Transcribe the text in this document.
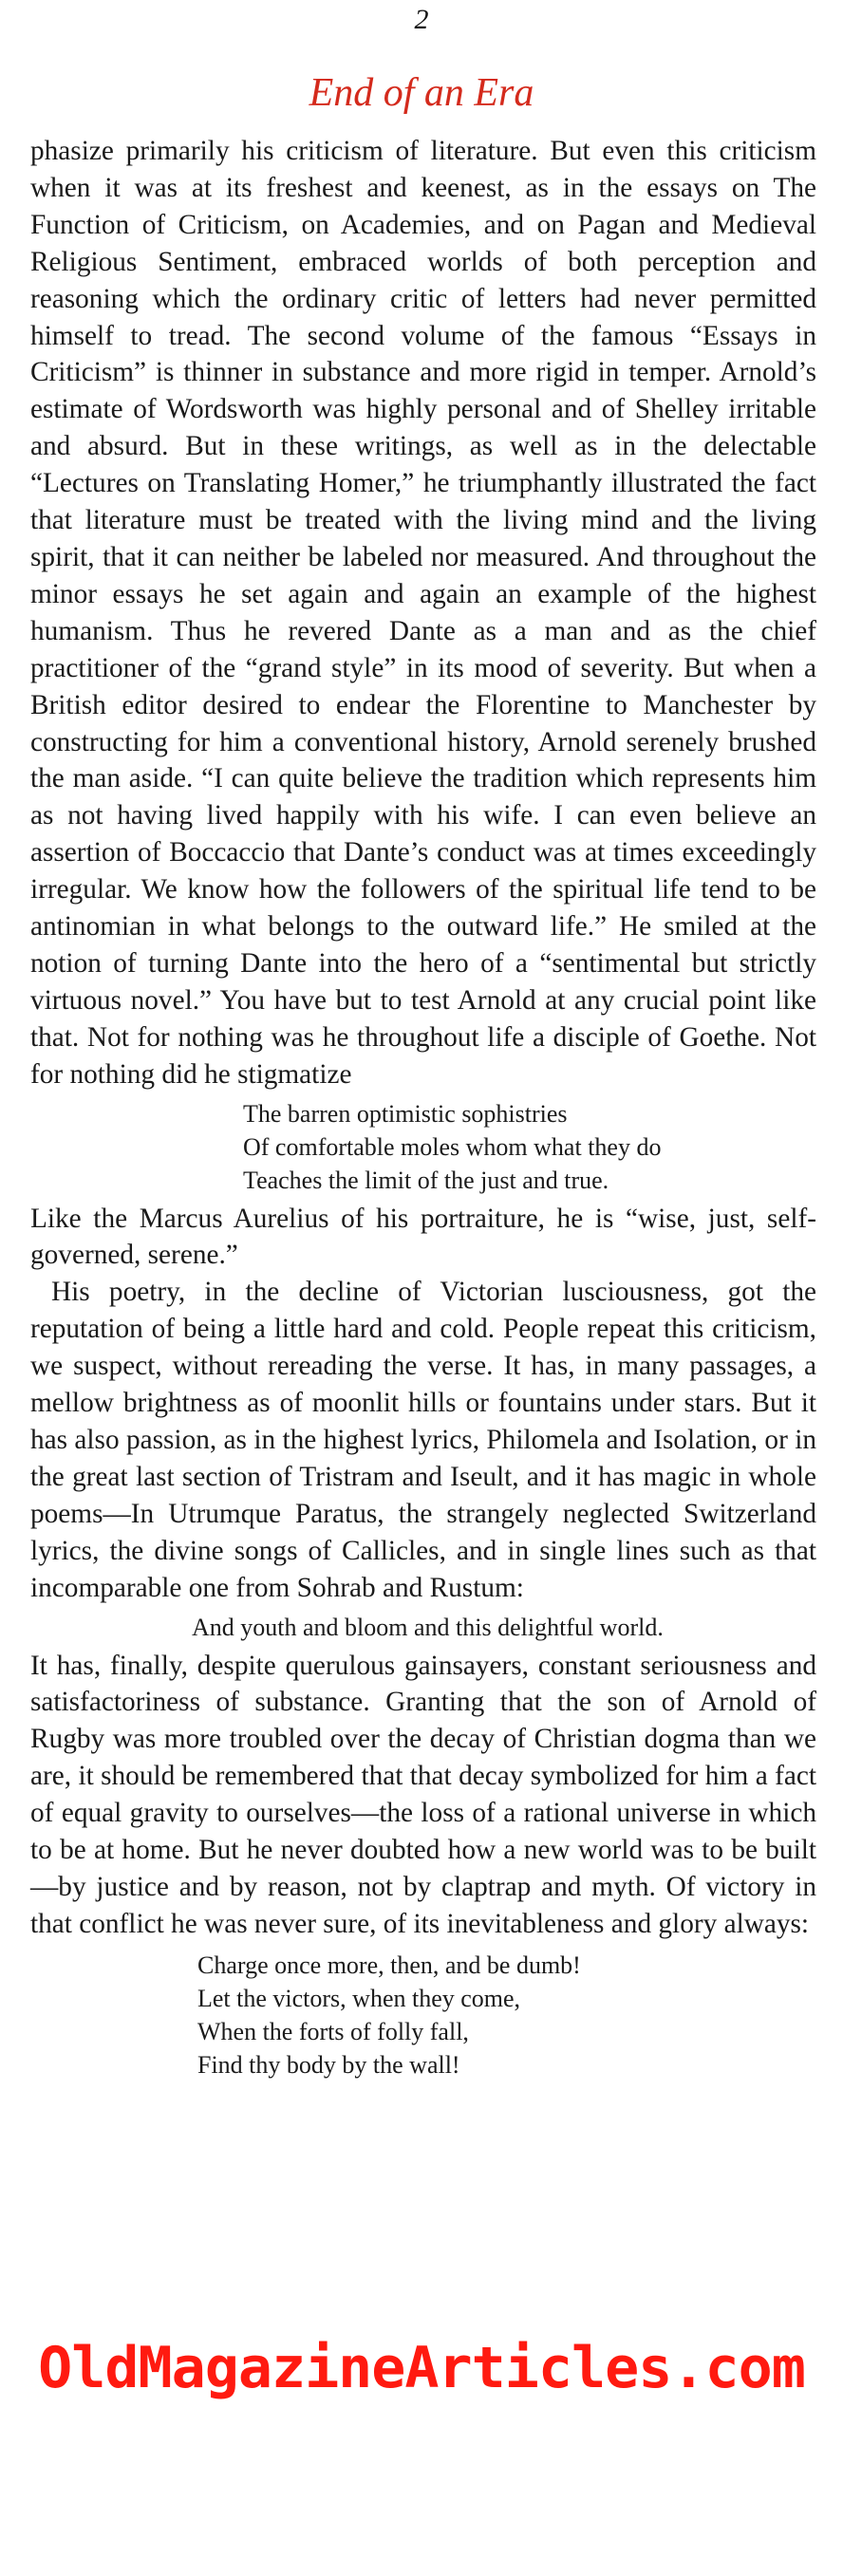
2
End of an Era

phasize primarily his criticism of literature. But even this criticism when it was at its freshest and keenest, as in the essays on The Function of Criticism, on Academies, and on Pagan and Medieval Religious Sentiment, embraced worlds of both perception and reasoning which the ordinary critic of letters had never permitted himself to tread. The second volume of the famous “Essays in Criticism” is thinner in substance and more rigid in temper. Arnold’s estimate of Wordsworth was highly personal and of Shelley irritable and absurd. But in these writings, as well as in the delectable “Lectures on Translating Homer,” he triumphantly illustrated the fact that literature must be treated with the living mind and the living spirit, that it can neither be labeled nor measured. And throughout the minor essays he set again and again an example of the highest humanism. Thus he revered Dante as a man and as the chief practitioner of the “grand style” in its mood of severity. But when a British editor desired to endear the Florentine to Manchester by constructing for him a conventional history, Arnold serenely brushed the man aside. “I can quite believe the tradition which represents him as not having lived happily with his wife. I can even believe an assertion of Boccaccio that Dante’s conduct was at times exceedingly irregular. We know how the followers of the spiritual life tend to be antinomian in what belongs to the outward life.” He smiled at the notion of turning Dante into the hero of a “sentimental but strictly virtuous novel.” You have but to test Arnold at any crucial point like that. Not for nothing was he throughout life a disciple of Goethe. Not for nothing did he stigmatize

The barren optimistic sophistries
Of comfortable moles whom what they do
Teaches the limit of the just and true.

Like the Marcus Aurelius of his portraiture, he is “wise, just, self-governed, serene.”

His poetry, in the decline of Victorian lusciousness, got the reputation of being a little hard and cold. People repeat this criticism, we suspect, without rereading the verse. It has, in many passages, a mellow brightness as of moonlit hills or fountains under stars. But it has also passion, as in the highest lyrics, Philomela and Isolation, or in the great last section of Tristram and Iseult, and it has magic in whole poems—In Utrumque Paratus, the strangely neglected Switzerland lyrics, the divine songs of Callicles, and in single lines such as that incomparable one from Sohrab and Rustum:

And youth and bloom and this delightful world.

It has, finally, despite querulous gainsayers, constant seriousness and satisfactoriness of substance. Granting that the son of Arnold of Rugby was more troubled over the decay of Christian dogma than we are, it should be remembered that that decay symbolized for him a fact of equal gravity to ourselves—the loss of a rational universe in which to be at home. But he never doubted how a new world was to be built—by justice and by reason, not by claptrap and myth. Of victory in that conflict he was never sure, of its inevitableness and glory always:

Charge once more, then, and be dumb!
Let the victors, when they come,
When the forts of folly fall,
Find thy body by the wall!
OldMagazineArticles.com
